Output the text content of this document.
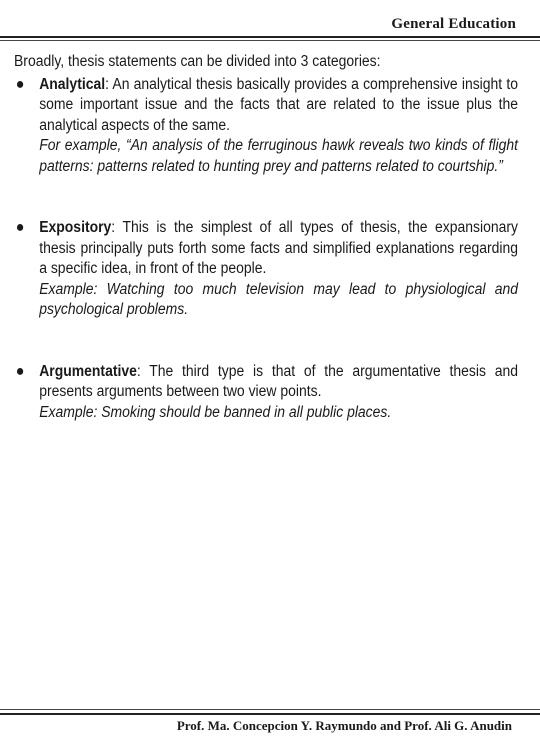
General Education

Broadly, thesis statements can be divided into 3 categories:

● Analytical: An analytical thesis basically provides a comprehensive insight to some important issue and the facts that are related to the issue plus the analytical aspects of the same.
For example, “An analysis of the ferruginous hawk reveals two kinds of flight patterns: patterns related to hunting prey and patterns related to courtship.”

● Expository: This is the simplest of all types of thesis, the expansionary thesis principally puts forth some facts and simplified explanations regarding a specific idea, in front of the people.
Example: Watching too much television may lead to physiological and psychological problems.

● Argumentative: The third type is that of the argumentative thesis and presents arguments between two view points.
Example: Smoking should be banned in all public places.

Prof. Ma. Concepcion Y. Raymundo and Prof. Ali G. Anudin
